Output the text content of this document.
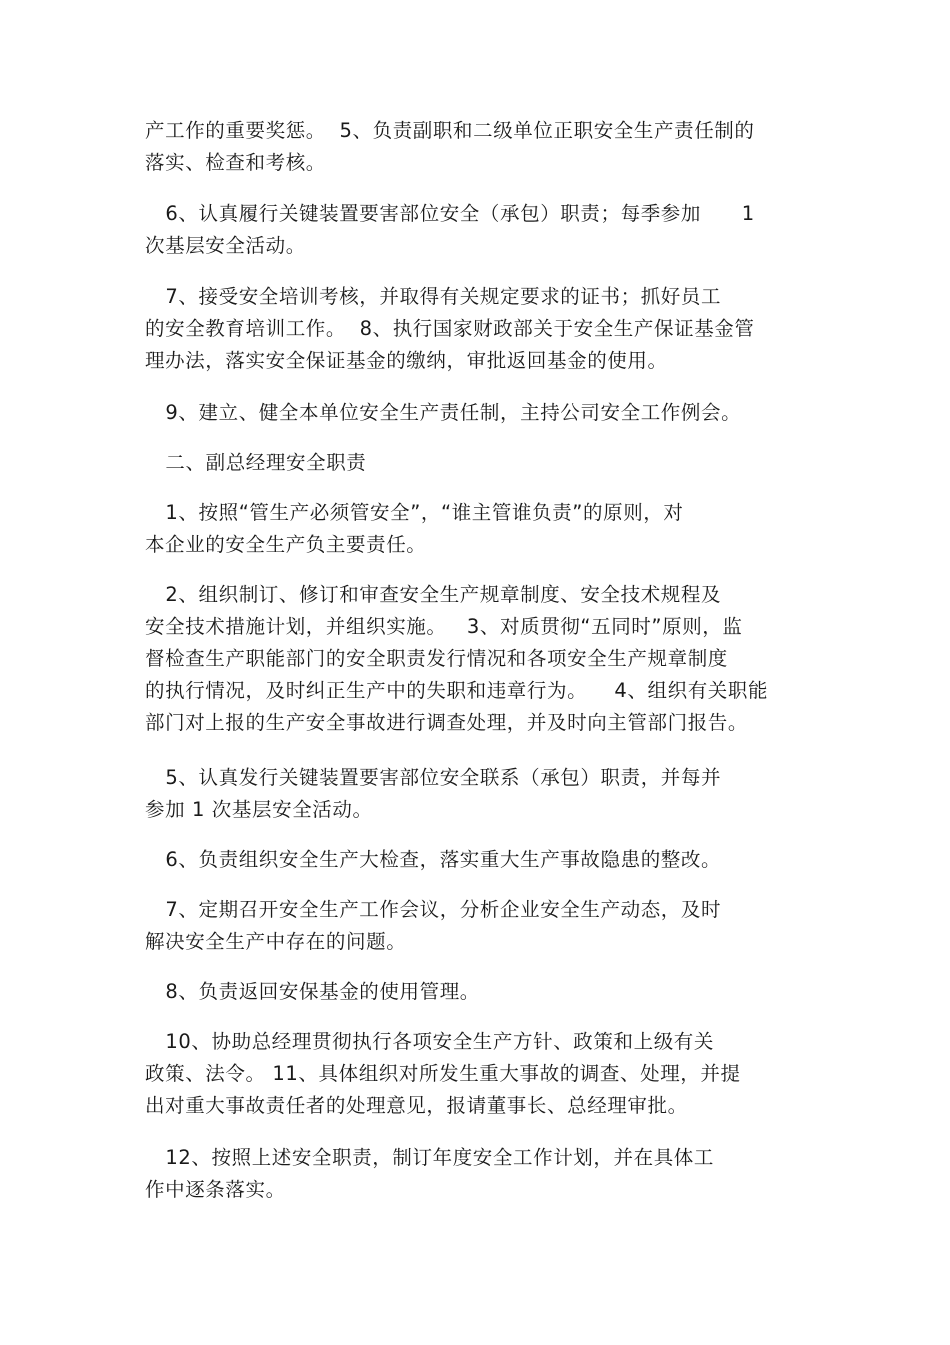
产工作的重要奖惩。  5、负责副职和二级单位正职安全生产责任制的
落实、检查和考核。

6、认真履行关键装置要害部位安全（承包）职责；每季参加      1
次基层安全活动。

7、接受安全培训考核，并取得有关规定要求的证书；抓好员工
的安全教育培训工作。  8、执行国家财政部关于安全生产保证基金管
理办法，落实安全保证基金的缴纳，审批返回基金的使用。

9、建立、健全本单位安全生产责任制，主持公司安全工作例会。

二、副总经理安全职责

1、按照“管生产必须管安全”，“谁主管谁负责”的原则，对
本企业的安全生产负主要责任。

2、组织制订、修订和审查安全生产规章制度、安全技术规程及
安全技术措施计划，并组织实施。   3、对质贯彻“五同时”原则，监
督检查生产职能部门的安全职责发行情况和各项安全生产规章制度
的执行情况，及时纠正生产中的失职和违章行为。    4、组织有关职能
部门对上报的生产安全事故进行调查处理，并及时向主管部门报告。

5、认真发行关键装置要害部位安全联系（承包）职责，并每并
参加 1 次基层安全活动。

6、负责组织安全生产大检查，落实重大生产事故隐患的整改。

7、定期召开安全生产工作会议，分析企业安全生产动态，及时
解决安全生产中存在的问题。

8、负责返回安保基金的使用管理。

10、协助总经理贯彻执行各项安全生产方针、政策和上级有关
政策、法令。 11、具体组织对所发生重大事故的调查、处理，并提
出对重大事故责任者的处理意见，报请董事长、总经理审批。

12、按照上述安全职责，制订年度安全工作计划，并在具体工
作中逐条落实。
